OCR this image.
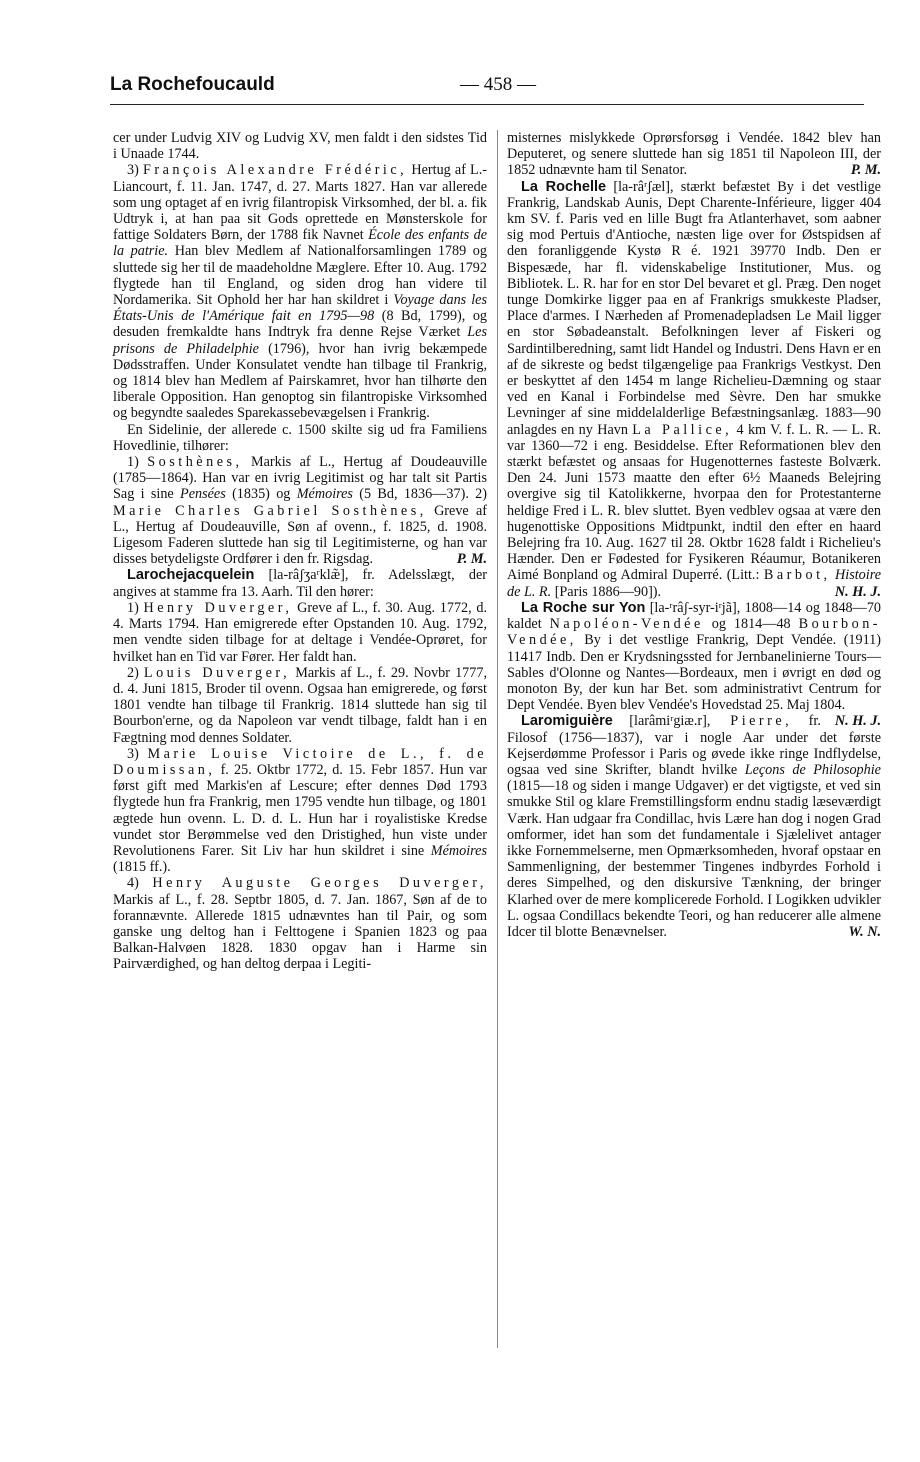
La Rochefoucauld	— 458 —

cer under Ludvig XIV og Ludvig XV, men faldt i den sidstes Tid i Unaade 1744.

3) François Alexandre Frédéric, Hertug af L.-Liancourt, f. 11. Jan. 1747, d. 27. Marts 1827. Han var allerede som ung optaget af en ivrig filantropisk Virksomhed, der bl. a. fik Udtryk i, at han paa sit Gods oprettede en Mønsterskole for fattige Soldaters Børn, der 1788 fik Navnet École des enfants de la patrie. Han blev Medlem af Nationalforsamlingen 1789 og sluttede sig her til de maadeholdne Mæglere. Efter 10. Aug. 1792 flygtede han til England, og siden drog han videre til Nordamerika. Sit Ophold her har han skildret i Voyage dans les États-Unis de l'Amérique fait en 1795—98 (8 Bd, 1799), og desuden fremkaldte hans Indtryk fra denne Rejse Værket Les prisons de Philadelphie (1796), hvor han ivrig bekæmpede Dødsstraffen. Under Konsulatet vendte han tilbage til Frankrig, og 1814 blev han Medlem af Pairskamret, hvor han tilhørte den liberale Opposition. Han genoptog sin filantropiske Virksomhed og begyndte saaledes Sparekassebevægelsen i Frankrig.

En Sidelinie, der allerede c. 1500 skilte sig ud fra Familiens Hovedlinie, tilhører:

1) Sosthènes, Markis af L., Hertug af Doudeauville (1785—1864). Han var en ivrig Legitimist og har talt sit Partis Sag i sine Pensées (1835) og Mémoires (5 Bd, 1836—37). 2) Marie Charles Gabriel Sosthènes, Greve af L., Hertug af Doudeauville, Søn af ovenn., f. 1825, d. 1908. Ligesom Faderen sluttede han sig til Legitimisterne, og han var disses betydeligste Ordfører i den fr. Rigsdag.	P. M.

Larochejacquelein [la-râʃʒaʳklæ̃], fr. Adelsslægt, der angives at stamme fra 13. Aarh. Til den hører:

1) Henry Duverger, Greve af L., f. 30. Aug. 1772, d. 4. Marts 1794. Han emigrerede efter Opstanden 10. Aug. 1792, men vendte siden tilbage for at deltage i Vendée-Oprøret, for hvilket han en Tid var Fører. Her faldt han.

2) Louis Duverger, Markis af L., f. 29. Novbr 1777, d. 4. Juni 1815, Broder til ovenn. Ogsaa han emigrerede, og først 1801 vendte han tilbage til Frankrig. 1814 sluttede han sig til Bourbon'erne, og da Napoleon var vendt tilbage, faldt han i en Fægtning mod dennes Soldater.

3) Marie Louise Victoire de L., f. de Doumissan, f. 25. Oktbr 1772, d. 15. Febr 1857. Hun var først gift med Markis'en af Lescure; efter dennes Død 1793 flygtede hun fra Frankrig, men 1795 vendte hun tilbage, og 1801 ægtede hun ovenn. L. D. d. L. Hun har i royalistiske Kredse vundet stor Berømmelse ved den Dristighed, hun viste under Revolutionens Farer. Sit Liv har hun skildret i sine Mémoires (1815 ff.).

4) Henry Auguste Georges Duverger, Markis af L., f. 28. Septbr 1805, d. 7. Jan. 1867, Søn af de to forannævnte. Allerede 1815 udnævntes han til Pair, og som ganske ung deltog han i Felttogene i Spanien 1823 og paa Balkan-Halvøen 1828. 1830 opgav han i Harme sin Pairværdighed, og han deltog derpaa i Legiti-

misternes mislykkede Oprørsforsøg i Vendée. 1842 blev han Deputeret, og senere sluttede han sig 1851 til Napoleon III, der 1852 udnævnte ham til Senator.	P. M.

La Rochelle [la-râʳʃæl], stærkt befæstet By i det vestlige Frankrig, Landskab Aunis, Dept Charente-Inférieure, ligger 404 km SV. f. Paris ved en lille Bugt fra Atlanterhavet, som aabner sig mod Pertuis d'Antioche, næsten lige over for Østspidsen af den foranliggende Kystø R é. 1921 39770 Indb. Den er Bispesæde, har fl. videnskabelige Institutioner, Mus. og Bibliotek. L. R. har for en stor Del bevaret et gl. Præg. Den noget tunge Domkirke ligger paa en af Frankrigs smukkeste Pladser, Place d'armes. I Nærheden af Promenadepladsen Le Mail ligger en stor Søbadeanstalt. Befolkningen lever af Fiskeri og Sardintilberedning, samt lidt Handel og Industri. Dens Havn er en af de sikreste og bedst tilgængelige paa Frankrigs Vestkyst. Den er beskyttet af den 1454 m lange Richelieu-Dæmning og staar ved en Kanal i Forbindelse med Sèvre. Den har smukke Levninger af sine middelalderlige Befæstningsanlæg. 1883—90 anlagdes en ny Havn La Pallice, 4 km V. f. L. R. — L. R. var 1360—72 i eng. Besiddelse. Efter Reformationen blev den stærkt befæstet og ansaas for Hugenotternes fasteste Bolværk. Den 24. Juni 1573 maatte den efter 6½ Maaneds Belejring overgive sig til Katolikkerne, hvorpaa den for Protestanterne heldige Fred i L. R. blev sluttet. Byen vedblev ogsaa at være den hugenottiske Oppositions Midtpunkt, indtil den efter en haard Belejring fra 10. Aug. 1627 til 28. Oktbr 1628 faldt i Richelieu's Hænder. Den er Fødested for Fysikeren Réaumur, Botanikeren Aimé Bonpland og Admiral Duperré. (Litt.: Barbot, Histoire de L. R. [Paris 1886—90]).	N. H. J.

La Roche sur Yon [la-ʳrâʃ-syr-iʳjã], 1808—14 og 1848—70 kaldet Napoléon-Vendée og 1814—48 Bourbon-Vendée, By i det vestlige Frankrig, Dept Vendée. (1911) 11417 Indb. Den er Krydsningssted for Jernbanelinierne Tours—Sables d'Olonne og Nantes—Bordeaux, men i øvrigt en død og monoton By, der kun har Bet. som administrativt Centrum for Dept Vendée. Byen blev Vendée's Hovedstad 25. Maj 1804.
N. H. J.

Laromiguière [larâmiʳgiæ.r], Pierre, fr. Filosof (1756—1837), var i nogle Aar under det første Kejserdømme Professor i Paris og øvede ikke ringe Indflydelse, ogsaa ved sine Skrifter, blandt hvilke Leçons de Philosophie (1815—18 og siden i mange Udgaver) er det vigtigste, et ved sin smukke Stil og klare Fremstillingsform endnu stadig læseværdigt Værk. Han udgaar fra Condillac, hvis Lære han dog i nogen Grad omformer, idet han som det fundamentale i Sjælelivet antager ikke Fornemmelserne, men Opmærksomheden, hvoraf opstaar en Sammenligning, der bestemmer Tingenes indbyrdes Forhold i deres Simpelhed, og den diskursive Tænkning, der bringer Klarhed over de mere komplicerede Forhold. I Logikken udvikler L. ogsaa Condillacs bekendte Teori, og han reducerer alle almene Idcer til blotte Benævnelser.	W. N.
